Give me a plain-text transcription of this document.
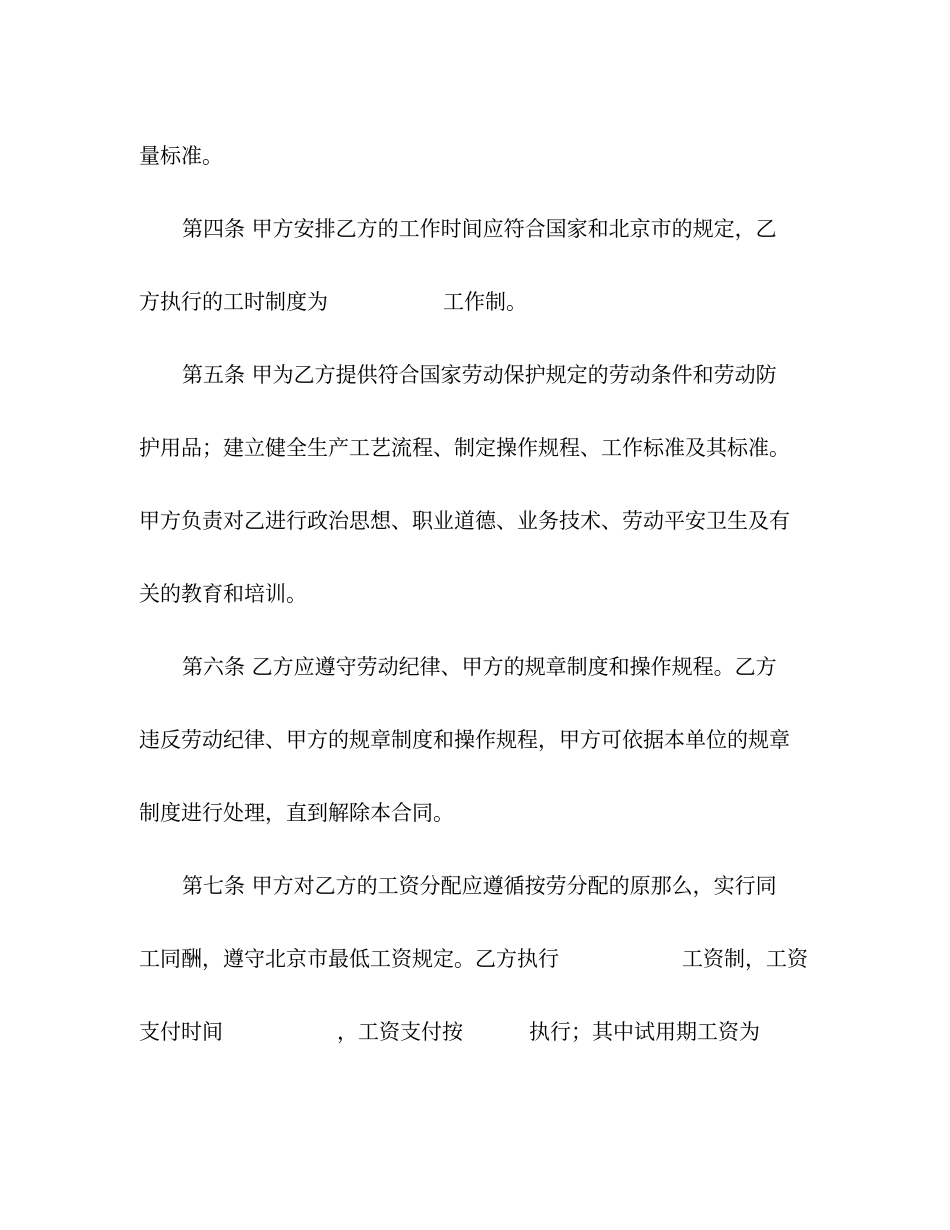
量标准。
第四条 甲方安排乙方的工作时间应符合国家和北京市的规定，乙
方执行的工时制度为	工作制。
第五条 甲为乙方提供符合国家劳动保护规定的劳动条件和劳动防
护用品；建立健全生产工艺流程、制定操作规程、工作标准及其标准。
甲方负责对乙进行政治思想、职业道德、业务技术、劳动平安卫生及有
关的教育和培训。
第六条 乙方应遵守劳动纪律、甲方的规章制度和操作规程。乙方
违反劳动纪律、甲方的规章制度和操作规程，甲方可依据本单位的规章
制度进行处理，直到解除本合同。
第七条 甲方对乙方的工资分配应遵循按劳分配的原那么，实行同
工同酬，遵守北京市最低工资规定。乙方执行	工资制，工资
支付时间	，工资支付按	执行；其中试用期工资为
